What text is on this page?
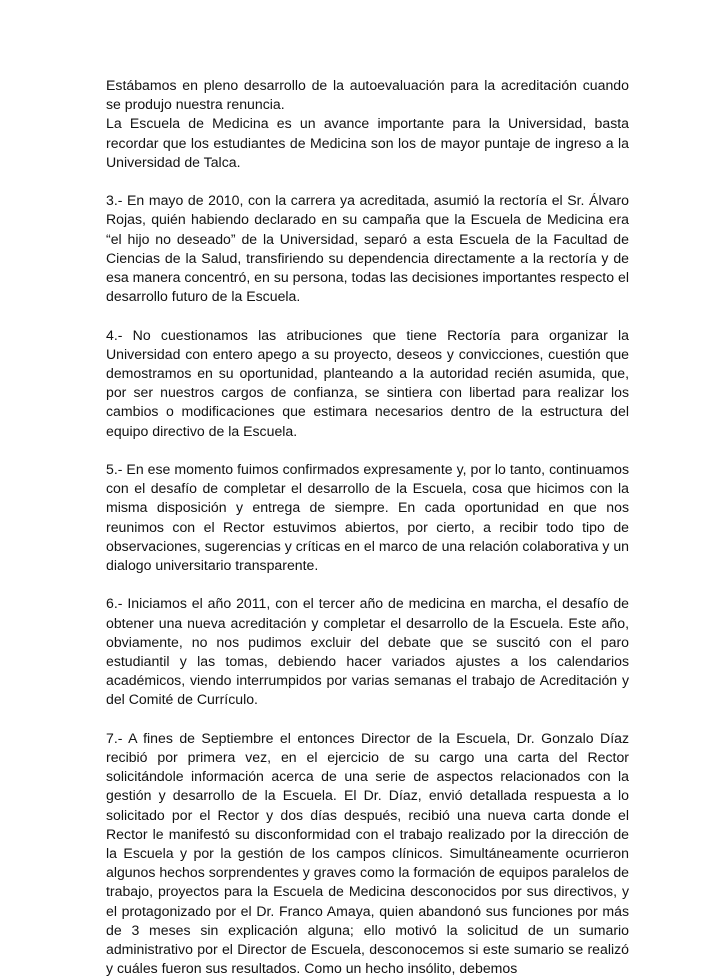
Estábamos en pleno desarrollo de la autoevaluación para la acreditación cuando se produjo nuestra renuncia.

La Escuela de Medicina es un avance importante para la Universidad, basta recordar que los estudiantes de Medicina son los de mayor puntaje de ingreso a la Universidad de Talca.

3.- En mayo de 2010, con la carrera ya acreditada, asumió la rectoría el Sr. Álvaro Rojas, quién habiendo declarado en su campaña que la Escuela de Medicina era “el hijo no deseado” de la Universidad, separó a esta Escuela de la Facultad de Ciencias de la Salud, transfiriendo su dependencia directamente a la rectoría y de esa manera concentró, en su persona, todas las decisiones importantes respecto el desarrollo futuro de la Escuela.

4.- No cuestionamos las atribuciones que tiene Rectoría para organizar la Universidad con entero apego a su proyecto, deseos y convicciones, cuestión que demostramos en su oportunidad, planteando a la autoridad recién asumida, que, por ser nuestros cargos de confianza, se sintiera con libertad para realizar los cambios o modificaciones que estimara necesarios dentro de la estructura del equipo directivo de la Escuela.

5.- En ese momento fuimos confirmados expresamente y, por lo tanto, continuamos con el desafío de completar el desarrollo de la Escuela, cosa que hicimos con la misma disposición y entrega de siempre. En cada oportunidad en que nos reunimos con el Rector estuvimos abiertos, por cierto, a recibir todo tipo de observaciones, sugerencias y críticas en el marco de una relación colaborativa y un dialogo universitario transparente.

6.- Iniciamos el año 2011, con el tercer año de medicina en marcha, el desafío de obtener una nueva acreditación y completar el desarrollo de la Escuela. Este año, obviamente, no nos pudimos excluir del debate que se suscitó con el paro estudiantil y las tomas, debiendo hacer variados ajustes a los calendarios académicos, viendo interrumpidos por varias semanas el trabajo de Acreditación y del Comité de Currículo.

7.- A fines de Septiembre el entonces Director de la Escuela, Dr. Gonzalo Díaz recibió por primera vez, en el ejercicio de su cargo una carta del Rector solicitándole información acerca de una serie de aspectos relacionados con la gestión y desarrollo de la Escuela. El Dr. Díaz, envió detallada respuesta a lo solicitado por el Rector y dos días después, recibió una nueva carta donde el Rector le manifestó su disconformidad con el trabajo realizado por la dirección de la Escuela y por la gestión de los campos clínicos. Simultáneamente ocurrieron algunos hechos sorprendentes y graves como la formación de equipos paralelos de trabajo, proyectos para la Escuela de Medicina desconocidos por sus directivos, y el protagonizado por el Dr. Franco Amaya, quien abandonó sus funciones por más de 3 meses sin explicación alguna; ello motivó la solicitud de un sumario administrativo por el Director de Escuela, desconocemos si este sumario se realizó y cuáles fueron sus resultados. Como un hecho insólito, debemos
